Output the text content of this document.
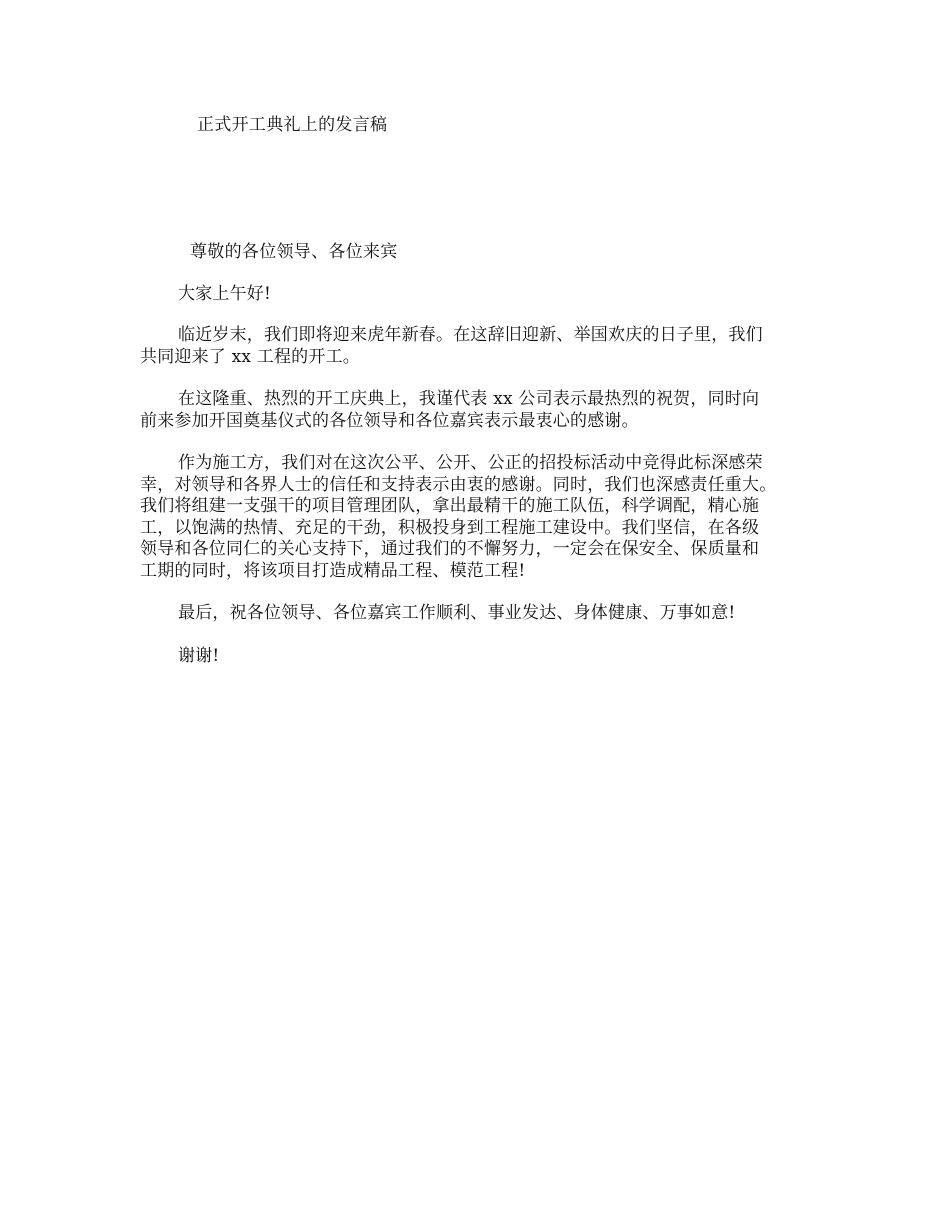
正式开工典礼上的发言稿
尊敬的各位领导、各位来宾
大家上午好!
临近岁末，我们即将迎来虎年新春。在这辞旧迎新、举国欢庆的日子里，我们
共同迎来了 xx 工程的开工。
在这隆重、热烈的开工庆典上，我谨代表 xx 公司表示最热烈的祝贺，同时向
前来参加开国奠基仪式的各位领导和各位嘉宾表示最衷心的感谢。
作为施工方，我们对在这次公平、公开、公正的招投标活动中竞得此标深感荣
幸，对领导和各界人士的信任和支持表示由衷的感谢。同时，我们也深感责任重大。
我们将组建一支强干的项目管理团队，拿出最精干的施工队伍，科学调配，精心施
工，以饱满的热情、充足的干劲，积极投身到工程施工建设中。我们坚信，在各级
领导和各位同仁的关心支持下，通过我们的不懈努力，一定会在保安全、保质量和
工期的同时，将该项目打造成精品工程、模范工程!
最后，祝各位领导、各位嘉宾工作顺利、事业发达、身体健康、万事如意!
谢谢!
